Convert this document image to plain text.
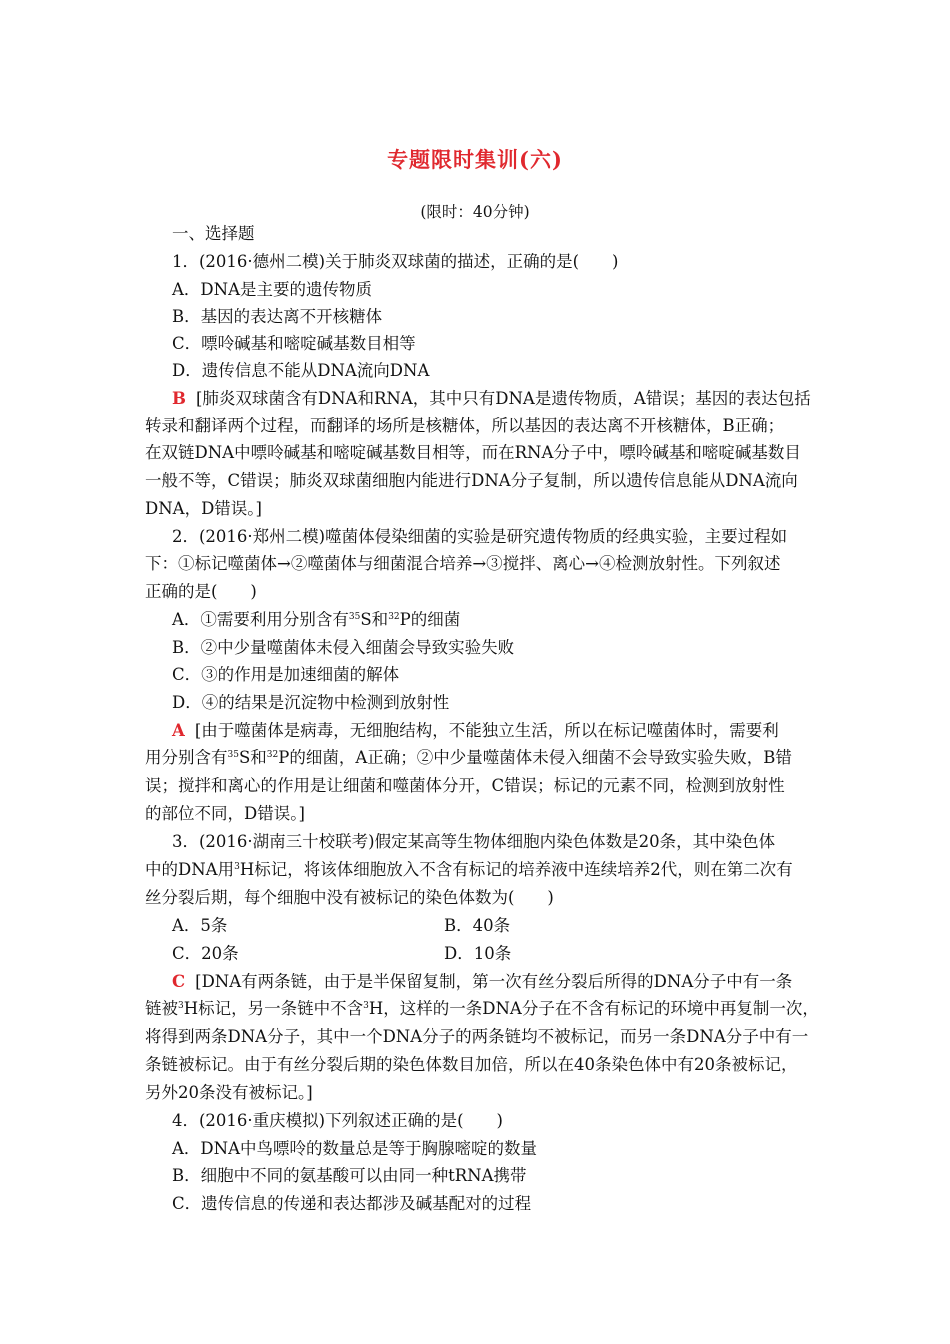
专题限时集训(六)
(限时：40分钟)
一、选择题
1．(2016·德州二模)关于肺炎双球菌的描述，正确的是(　　)
A．DNA是主要的遗传物质
B．基因的表达离不开核糖体
C．嘌呤碱基和嘧啶碱基数目相等
D．遗传信息不能从DNA流向DNA
B [肺炎双球菌含有DNA和RNA，其中只有DNA是遗传物质，A错误；基因的表达包括
转录和翻译两个过程，而翻译的场所是核糖体，所以基因的表达离不开核糖体，B正确；
在双链DNA中嘌呤碱基和嘧啶碱基数目相等，而在RNA分子中，嘌呤碱基和嘧啶碱基数目
一般不等，C错误；肺炎双球菌细胞内能进行DNA分子复制，所以遗传信息能从DNA流向
DNA，D错误。]
2．(2016·郑州二模)噬菌体侵染细菌的实验是研究遗传物质的经典实验，主要过程如
下：①标记噬菌体→②噬菌体与细菌混合培养→③搅拌、离心→④检测放射性。下列叙述
正确的是(　　)
A．①需要利用分别含有$^{35}$S和$^{32}$P的细菌
B．②中少量噬菌体未侵入细菌会导致实验失败
C．③的作用是加速细菌的解体
D．④的结果是沉淀物中检测到放射性
A [由于噬菌体是病毒，无细胞结构，不能独立生活，所以在标记噬菌体时，需要利
用分别含有$^{35}$S和$^{32}$P的细菌，A正确；②中少量噬菌体未侵入细菌不会导致实验失败，B错
误；搅拌和离心的作用是让细菌和噬菌体分开，C错误；标记的元素不同，检测到放射性
的部位不同，D错误。]
3．(2016·湖南三十校联考)假定某高等生物体细胞内染色体数是20条，其中染色体
中的DNA用$^3$H标记，将该体细胞放入不含有标记的培养液中连续培养2代，则在第二次有
丝分裂后期，每个细胞中没有被标记的染色体数为(　　)
A．5条	B．40条
C．20条	D．10条
C [DNA有两条链，由于是半保留复制，第一次有丝分裂后所得的DNA分子中有一条
链被$^3$H标记，另一条链中不含$^3$H，这样的一条DNA分子在不含有标记的环境中再复制一次，
将得到两条DNA分子，其中一个DNA分子的两条链均不被标记，而另一条DNA分子中有一
条链被标记。由于有丝分裂后期的染色体数目加倍，所以在40条染色体中有20条被标记，
另外20条没有被标记。]
4．(2016·重庆模拟)下列叙述正确的是(　　)
A．DNA中鸟嘌呤的数量总是等于胸腺嘧啶的数量
B．细胞中不同的氨基酸可以由同一种tRNA携带
C．遗传信息的传递和表达都涉及碱基配对的过程
